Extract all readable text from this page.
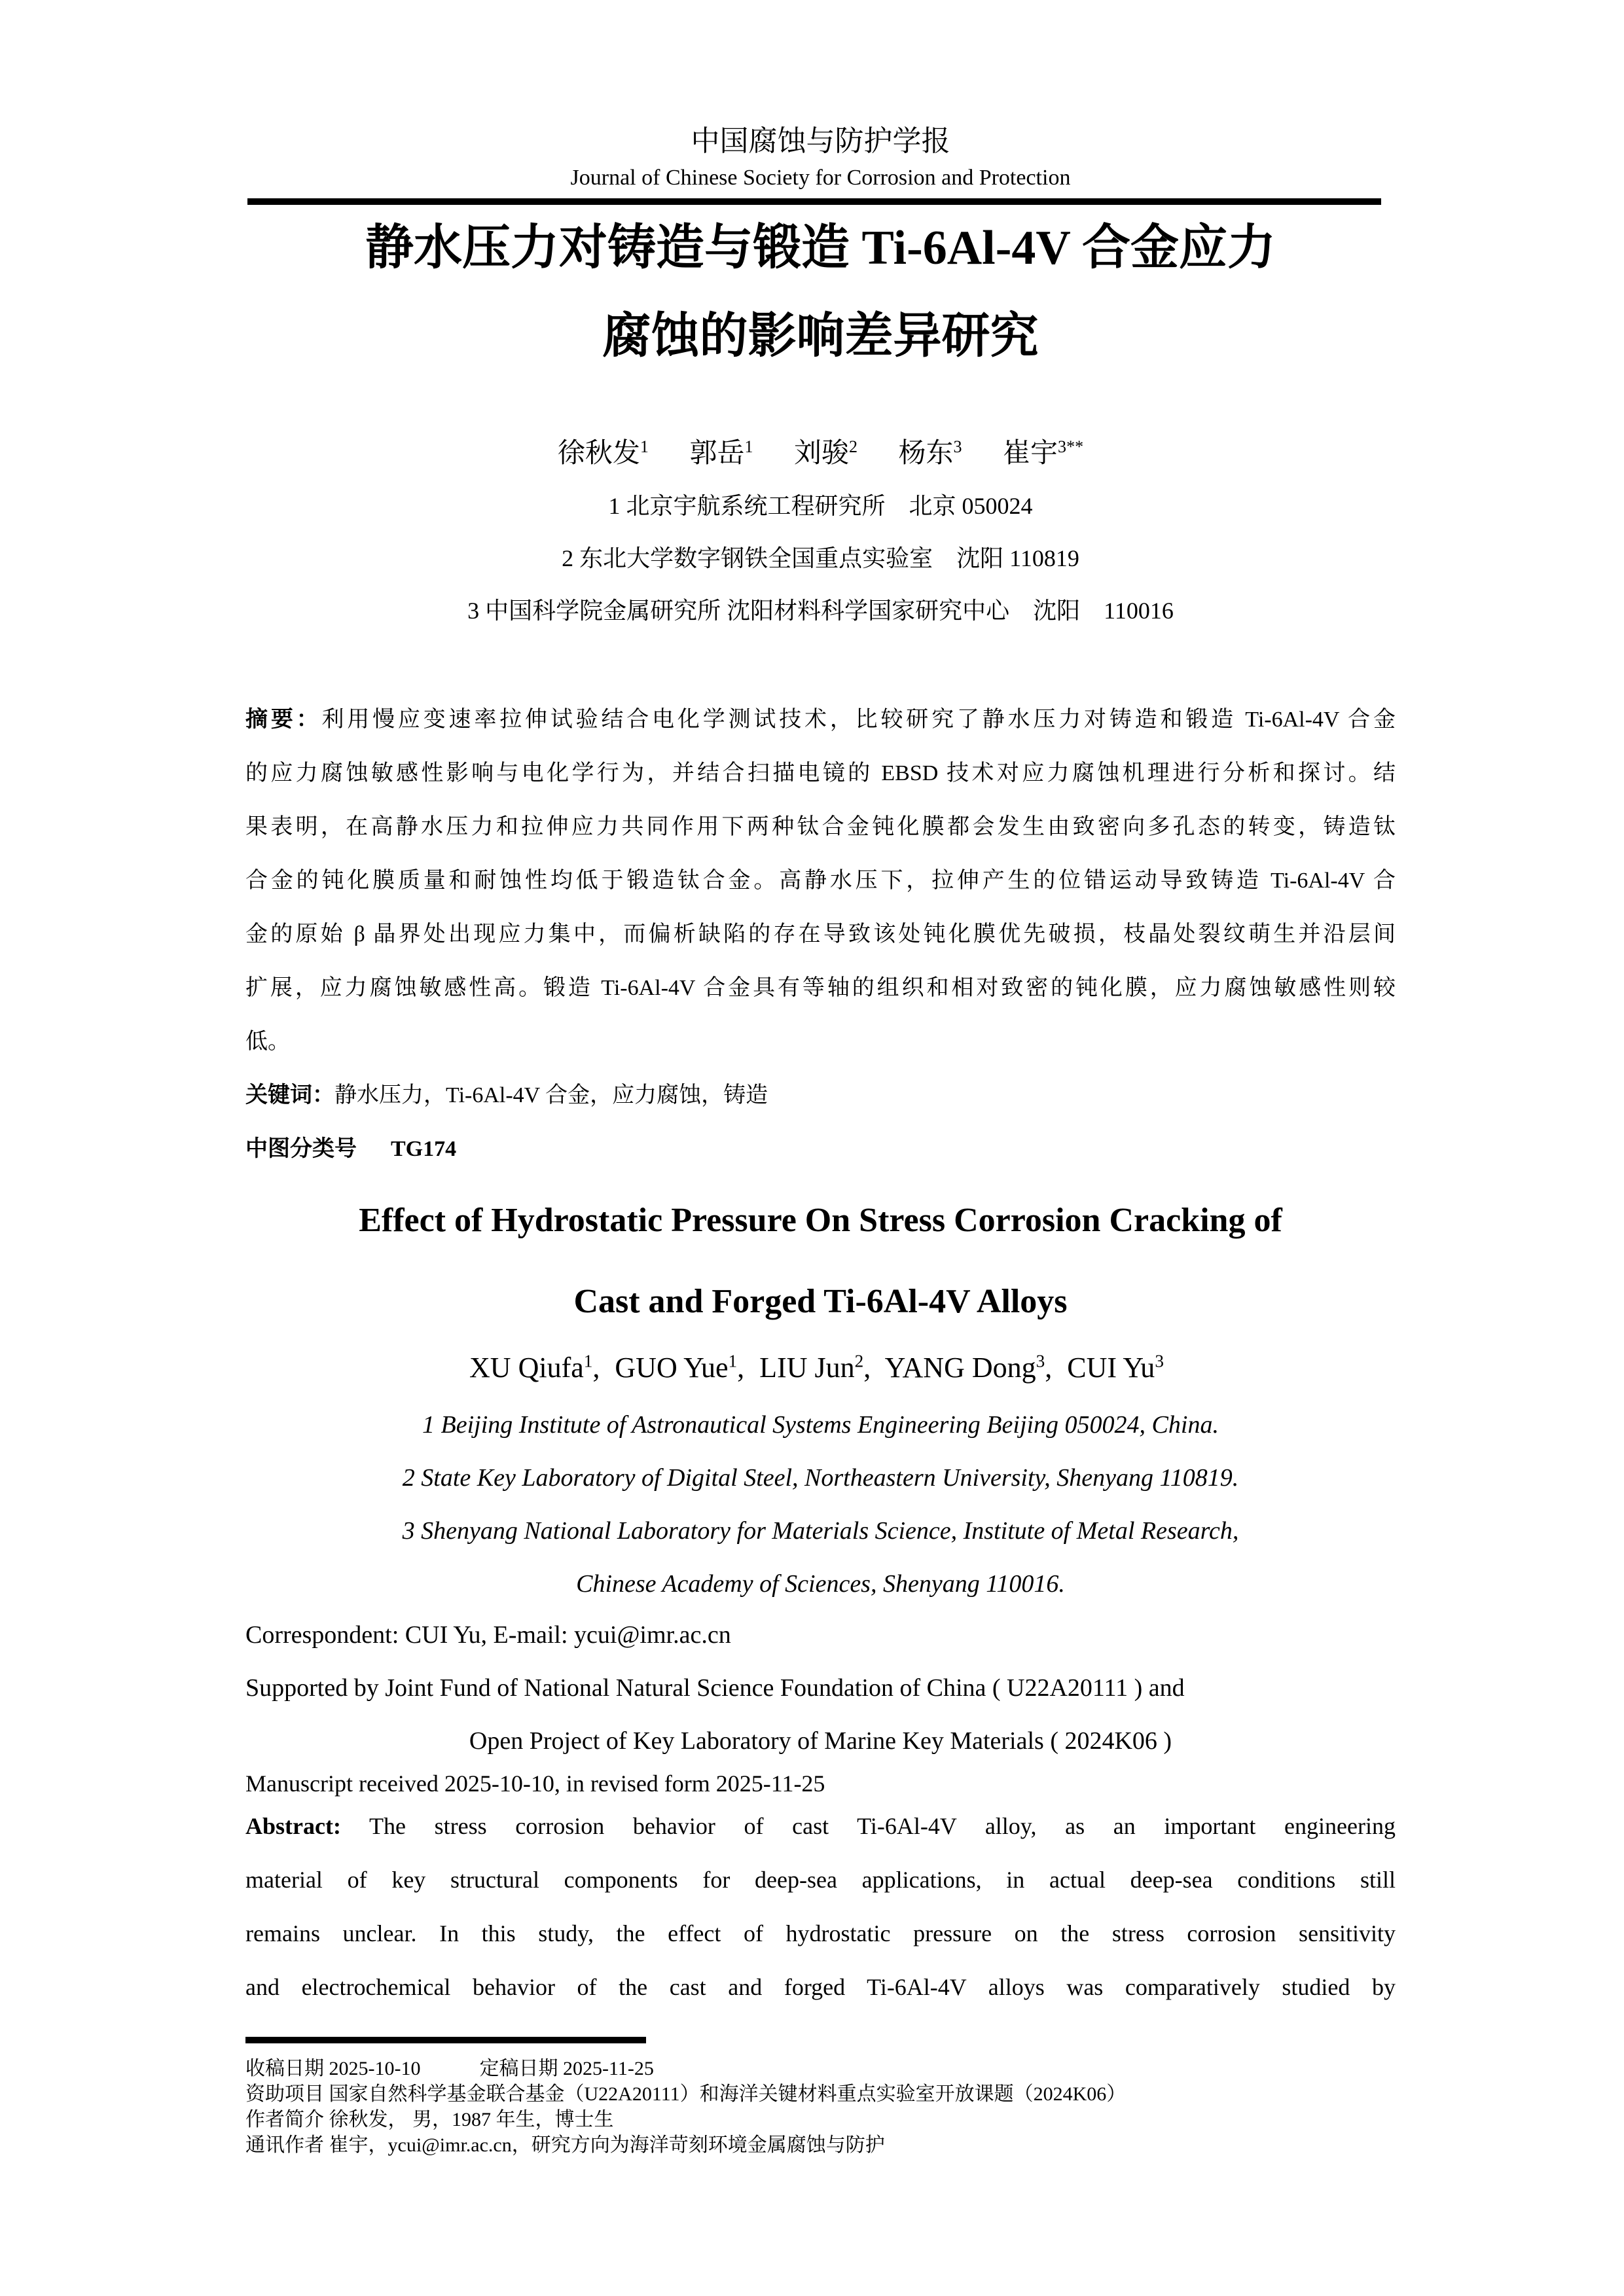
中国腐蚀与防护学报
Journal of Chinese Society for Corrosion and Protection
静水压力对铸造与锻造 Ti-6Al-4V 合金应力
腐蚀的影响差异研究
徐秋发$^1$ 郭岳$^1$ 刘骏$^2$ 杨东$^3$ 崔宇$^{3**}$
1 北京宇航系统工程研究所　北京 050024
2 东北大学数字钢铁全国重点实验室　沈阳 110819
3 中国科学院金属研究所 沈阳材料科学国家研究中心　沈阳　110016
摘要：利用慢应变速率拉伸试验结合电化学测试技术，比较研究了静水压力对铸造和锻造 Ti-6Al-4V 合金
的应力腐蚀敏感性影响与电化学行为，并结合扫描电镜的 EBSD 技术对应力腐蚀机理进行分析和探讨。结
果表明，在高静水压力和拉伸应力共同作用下两种钛合金钝化膜都会发生由致密向多孔态的转变，铸造钛
合金的钝化膜质量和耐蚀性均低于锻造钛合金。高静水压下，拉伸产生的位错运动导致铸造 Ti-6Al-4V 合
金的原始 β 晶界处出现应力集中，而偏析缺陷的存在导致该处钝化膜优先破损，枝晶处裂纹萌生并沿层间
扩展，应力腐蚀敏感性高。锻造 Ti-6Al-4V 合金具有等轴的组织和相对致密的钝化膜，应力腐蚀敏感性则较
低。
关键词：静水压力，Ti-6Al-4V 合金，应力腐蚀，铸造
中图分类号 TG174
Effect of Hydrostatic Pressure On Stress Corrosion Cracking of
Cast and Forged Ti-6Al-4V Alloys
XU Qiufa$^1$, GUO Yue$^1$, LIU Jun$^2$, YANG Dong$^3$, CUI Yu$^3$
1 Beijing Institute of Astronautical Systems Engineering Beijing 050024, China.
2 State Key Laboratory of Digital Steel, Northeastern University, Shenyang 110819.
3 Shenyang National Laboratory for Materials Science, Institute of Metal Research,
Chinese Academy of Sciences, Shenyang 110016.
Correspondent: CUI Yu, E-mail: ycui@imr.ac.cn
Supported by Joint Fund of National Natural Science Foundation of China ( U22A20111 ) and
Open Project of Key Laboratory of Marine Key Materials ( 2024K06 )
Manuscript received 2025-10-10, in revised form 2025-11-25
Abstract: The stress corrosion behavior of cast Ti-6Al-4V alloy, as an important engineering
material of key structural components for deep-sea applications, in actual deep-sea conditions still
remains unclear. In this study, the effect of hydrostatic pressure on the stress corrosion sensitivity
and electrochemical behavior of the cast and forged Ti-6Al-4V alloys was comparatively studied by
收稿日期 2025-10-10　　　定稿日期 2025-11-25
资助项目 国家自然科学基金联合基金（U22A20111）和海洋关键材料重点实验室开放课题（2024K06）
作者简介 徐秋发， 男，1987 年生，博士生
通讯作者 崔宇，ycui@imr.ac.cn，研究方向为海洋苛刻环境金属腐蚀与防护
